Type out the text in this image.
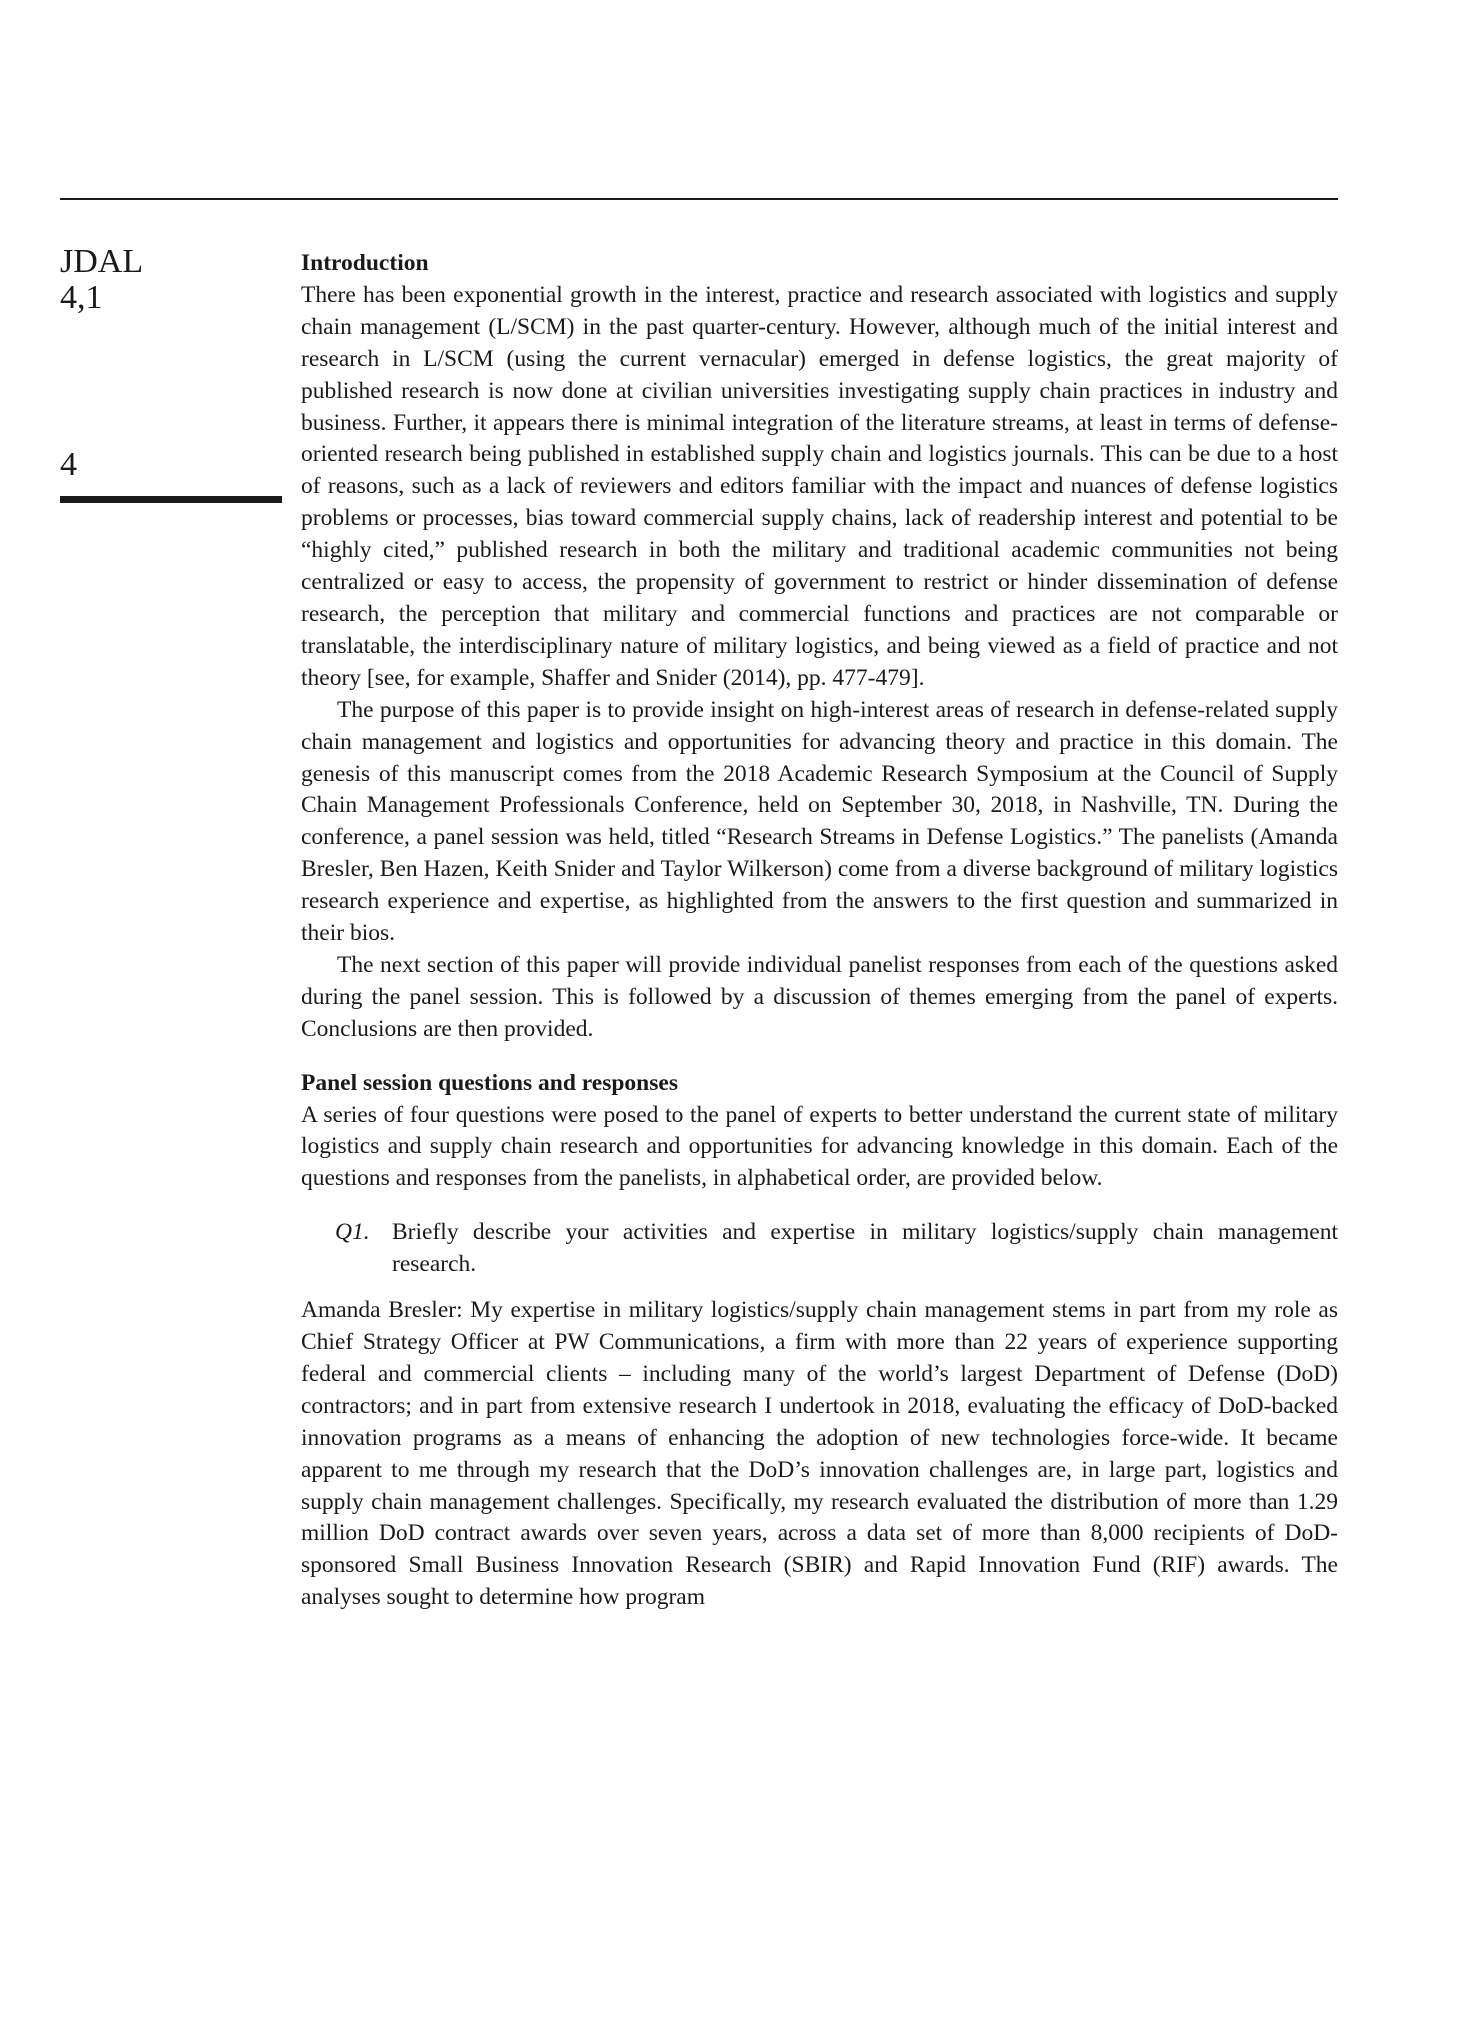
JDAL
4,1
4

Introduction

There has been exponential growth in the interest, practice and research associated with logistics and supply chain management (L/SCM) in the past quarter-century. However, although much of the initial interest and research in L/SCM (using the current vernacular) emerged in defense logistics, the great majority of published research is now done at civilian universities investigating supply chain practices in industry and business. Further, it appears there is minimal integration of the literature streams, at least in terms of defense-oriented research being published in established supply chain and logistics journals. This can be due to a host of reasons, such as a lack of reviewers and editors familiar with the impact and nuances of defense logistics problems or processes, bias toward commercial supply chains, lack of readership interest and potential to be “highly cited,” published research in both the military and traditional academic communities not being centralized or easy to access, the propensity of government to restrict or hinder dissemination of defense research, the perception that military and commercial functions and practices are not comparable or translatable, the interdisciplinary nature of military logistics, and being viewed as a field of practice and not theory [see, for example, Shaffer and Snider (2014), pp. 477-479].

The purpose of this paper is to provide insight on high-interest areas of research in defense-related supply chain management and logistics and opportunities for advancing theory and practice in this domain. The genesis of this manuscript comes from the 2018 Academic Research Symposium at the Council of Supply Chain Management Professionals Conference, held on September 30, 2018, in Nashville, TN. During the conference, a panel session was held, titled “Research Streams in Defense Logistics.” The panelists (Amanda Bresler, Ben Hazen, Keith Snider and Taylor Wilkerson) come from a diverse background of military logistics research experience and expertise, as highlighted from the answers to the first question and summarized in their bios.

The next section of this paper will provide individual panelist responses from each of the questions asked during the panel session. This is followed by a discussion of themes emerging from the panel of experts. Conclusions are then provided.

Panel session questions and responses

A series of four questions were posed to the panel of experts to better understand the current state of military logistics and supply chain research and opportunities for advancing knowledge in this domain. Each of the questions and responses from the panelists, in alphabetical order, are provided below.

Q1. Briefly describe your activities and expertise in military logistics/supply chain management research.

Amanda Bresler: My expertise in military logistics/supply chain management stems in part from my role as Chief Strategy Officer at PW Communications, a firm with more than 22 years of experience supporting federal and commercial clients – including many of the world’s largest Department of Defense (DoD) contractors; and in part from extensive research I undertook in 2018, evaluating the efficacy of DoD-backed innovation programs as a means of enhancing the adoption of new technologies force-wide. It became apparent to me through my research that the DoD’s innovation challenges are, in large part, logistics and supply chain management challenges. Specifically, my research evaluated the distribution of more than 1.29 million DoD contract awards over seven years, across a data set of more than 8,000 recipients of DoD-sponsored Small Business Innovation Research (SBIR) and Rapid Innovation Fund (RIF) awards. The analyses sought to determine how program
